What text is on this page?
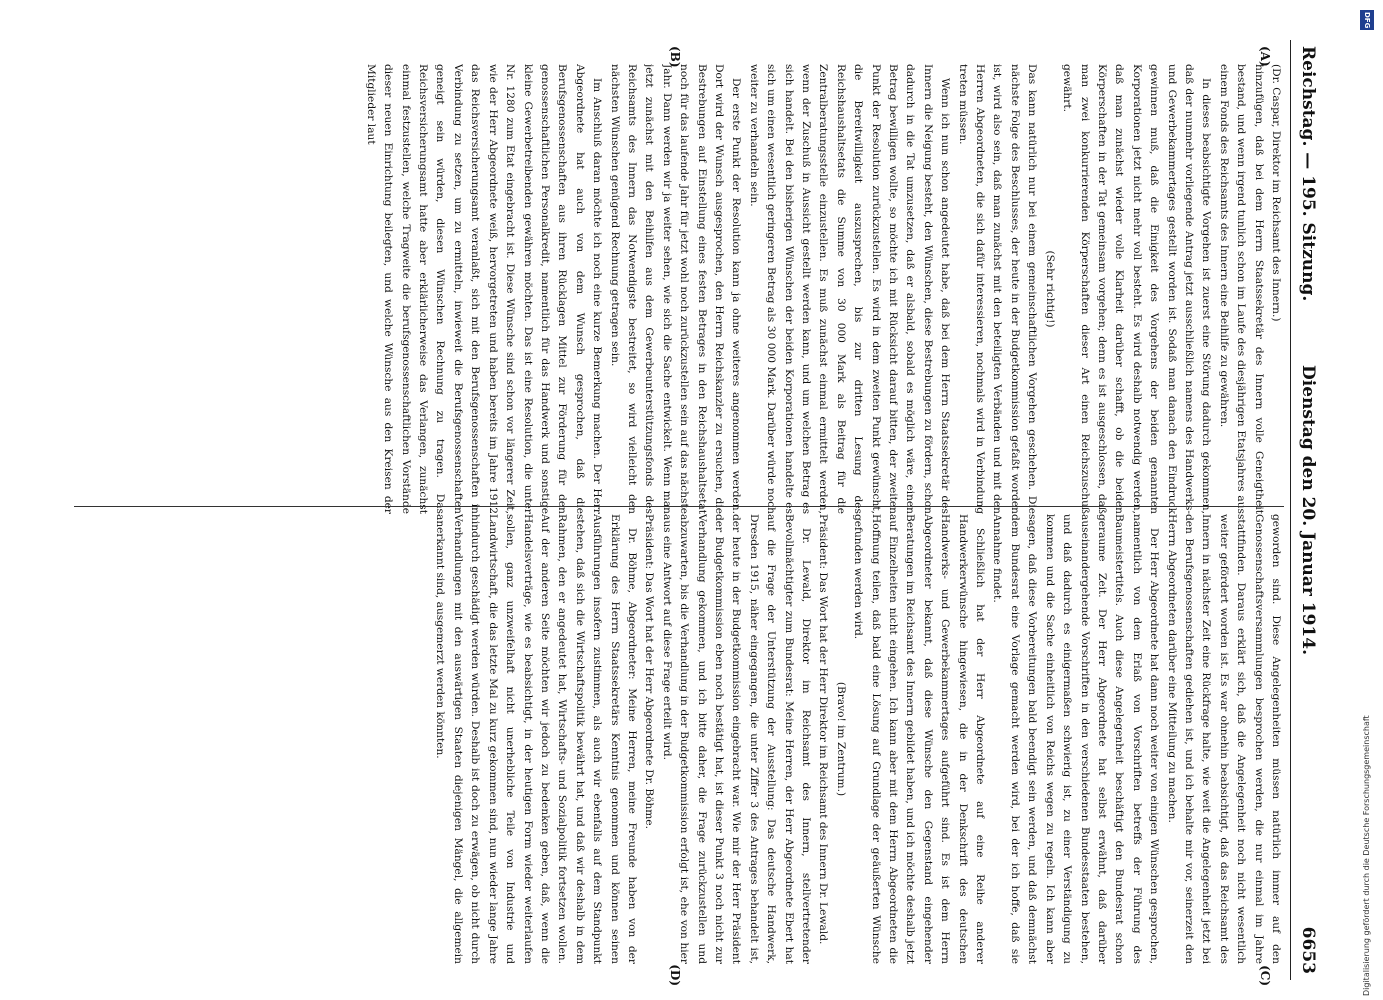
Reichstag. — 195. Sitzung.
Dienstag den 20. Januar 1914.
6653
(A)
(B)
(C)
(D)

(Dr. Caspar, Direktor im Reichsamt des Innern.)

hinzufügen, daß bei dem Herrn Staatssekretär des Innern volle Geneigtheit bestand, und wenn irgend tunlich schon im Laufe des diesjährigen Etatsjahres aus einem Fonds des Reichsamts des Innern eine Beihilfe zu gewähren.

In dieses beabsichtigte Vorgehen ist zuerst eine Störung dadurch gekommen, daß der nunmehr vorliegende Antrag jetzt ausschließlich namens des Handwerks- und Gewerbekammertages gestellt worden ist. Sodaß man danach den Eindruck gewinnen muß, daß die Einigkeit des Vorgehens der beiden genannten Korporationen jetzt nicht mehr voll besteht. Es wird deshalb notwendig werden, daß man zunächst wieder volle Klarheit darüber schafft, ob die beiden Körperschaften in der Tat gemeinsam vorgehen; denn es ist ausgeschlossen, daß man zwei konkurrierenden Körperschaften dieser Art einen Reichszuschuß gewährt.

(Sehr richtig!)

Das kann natürlich nur bei einem gemeinschaftlichen Vorgehen geschehen. Die nächste Folge des Beschlusses, der heute in der Budgetkommission gefaßt worden ist, wird also sein, daß man zunächst mit den beteiligten Verbänden und mit den Herren Abgeordneten, die sich dafür interessieren, nochmals wird in Verbindung treten müssen.

Wenn ich nun schon angedeutet habe, daß bei dem Herrn Staatssekretär des Innern die Neigung besteht, den Wünschen, diese Bestrebungen zu fördern, schon dadurch in die Tat umzusetzen, daß er alsbald, sobald es möglich wäre, einen Betrag bewilligen wollte, so möchte ich mit Rücksicht darauf bitten, der zweiten Punkt der Resolution zurückzustellen. Es wird in dem zweiten Punkt gewünscht, die Bereitwilligkeit auszusprechen, bis zur dritten Lesung des Reichshaushaltsetats die Summe von 30 000 Mark als Beitrag für die Zentralberatungsstelle einzustellen. Es muß zunächst einmal ermittelt werden, wenn der Zuschuß in Aussicht gestellt werden kann, und um welchen Betrag es sich handelt. Bei den bisherigen Wünschen der beiden Korporationen handelte es sich um einen wesentlich geringeren Betrag als 30 000 Mark. Darüber würde noch weiter zu verhandeln sein.

Der erste Punkt der Resolution kann ja ohne weiteres angenommen werden. Dort wird der Wunsch ausgesprochen, den Herrn Reichskanzler zu ersuchen, die Bestrebungen auf Einstellung eines festen Betrages in den Reichshaushaltsetat noch für das laufende Jahr für jetzt wohl noch zurückzustellen sein auf das nächste Jahr. Dann werden wir ja weiter sehen, wie sich die Sache entwickelt. Wenn man jetzt zunächst mit den Beihilfen aus dem Gewerbeunterstützungsfonds des Reichsamts des Innern das Notwendigste bestreitet, so wird vielleicht den nächsten Wünschen genügend Rechnung getragen sein.

Im Anschluß daran möchte ich noch eine kurze Bemerkung machen. Der Herr Abgeordnete hat auch von dem Wunsch gesprochen, daß die Berufsgenossenschaften aus ihren Rücklagen Mittel zur Förderung für den genossenschaftlichen Personalkredit, namentlich für das Handwerk und sonstige kleine Gewerbetreibenden gewähren möchten. Das ist eine Resolution, die unter Nr. 1280 zum Etat eingebracht ist. Diese Wünsche sind schon vor längerer Zeit, wie der Herr Abgeordnete weiß, hervorgetreten und haben bereits im Jahre 1912 das Reichsversicherungsamt veranlaßt, sich mit den Berufsgenossenschaften in Verbindung zu setzen, um zu ermitteln, inwieweit die Berufsgenossenschaften geneigt sein würden, diesen Wünschen Rechnung zu tragen. Das Reichsversicherungsamt hatte aber erklärlicherweise das Verlangen, zunächst einmal festzustellen, welche Tragweite die berufsgenossenschaftlichen Vorstände dieser neuen Einrichtung beilegten, und welche Wünsche aus den Kreisen der Mitglieder laut

geworden sind. Diese Angelegenheiten müssen natürlich immer auf den Genossenschaftsversammlungen besprochen werden, die nur einmal im Jahre stattfinden. Daraus erklärt sich, daß die Angelegenheit noch nicht wesentlich weiter gefördert worden ist. Es war ohnehin beabsichtigt, daß das Reichsamt des Innern in nächster Zeit eine Rückfrage halte, wie weit die Angelegenheit jetzt bei den Berufsgenossenschaften gediehen ist, und ich behalte mir vor, seinerzeit den Herrn Abgeordneten darüber eine Mitteilung zu machen.

Der Herr Abgeordnete hat dann noch weiter von einigen Wünschen gesprochen, namentlich von dem Erlaß von Vorschriften betreffs der Führung des Baumeistertitels. Auch diese Angelegenheit beschäftigt den Bundesrat schon geraume Zeit. Der Herr Abgeordnete hat selbst erwähnt, daß darüber auseinandergehende Vorschriften in den verschiedenen Bundesstaaten bestehen, und daß dadurch es einigermaßen schwierig ist, zu einer Verständigung zu kommen und die Sache einheitlich von Reichs wegen zu regeln. Ich kann aber sagen, daß diese Vorbereitungen bald beendigt sein werden, und daß demnächst dem Bundesrat eine Vorlage gemacht werden wird, bei der ich hoffe, daß sie Annahme findet.

Schließlich hat der Herr Abgeordnete auf eine Reihe anderer Handwerkerwünsche hingewiesen, die in der Denkschrift des deutschen Handwerks- und Gewerbekammertages aufgeführt sind. Es ist dem Herrn Abgeordneter bekannt, daß diese Wünsche den Gegenstand eingehender Beratungen im Reichsamt des Innern gebildet haben, und ich möchte deshalb jetzt auf Einzelheiten nicht eingehen. Ich kann aber mit dem Herrn Abgeordneten die Hoffnung teilen, daß bald eine Lösung auf Grundlage der geäußerten Wünsche gefunden werden wird.

(Bravo! im Zentrum.)

Präsident: Das Wort hat der Herr Direktor im Reichsamt des Innern Dr. Lewald.

Dr. Lewald, Direktor im Reichsamt des Innern, stellvertretender Bevollmächtigter zum Bundesrat: Meine Herren, der Herr Abgeordnete Ebert hat auf die Frage der Unterstützung der Ausstellung: Das deutsche Handwerk, Dresden 1915, näher eingegangen, die unter Ziffer 3 des Antrages behandelt ist, der heute in der Budgetkommission eingebracht war. Wie mir der Herr Präsident der Budgetkommission eben noch bestätigt hat, ist dieser Punkt 3 noch nicht zur Verhandlung gekommen, und ich bitte daher, die Frage zurückzustellen und abzuwarten, bis die Verhandlung in der Budgetkommission erfolgt ist, ehe von hier aus eine Antwort auf diese Frage erteilt wird.

Präsident: Das Wort hat der Herr Abgeordnete Dr. Böhme.

Dr. Böhme, Abgeordneter: Meine Herren, meine Freunde haben von der Erklärung des Herrn Staatssekretärs Kenntnis genommen und können seinen Ausführungen insofern zustimmen, als auch wir ebenfalls auf dem Standpunkt stehen, daß sich die Wirtschaftspolitik bewährt hat, und daß wir deshalb in dem Rahmen, den er angedeutet hat, Wirtschafts- und Sozialpolitik fortsetzen wollen. Auf der anderen Seite möchten wir jedoch zu bedenken geben, daß, wenn die Handelsverträge, wie es beabsichtigt, in der heutigen Form wieder weiterlaufen sollen, ganz unzweifelhaft nicht unerhebliche Teile von Industrie und Landwirtschaft, die das letzte Mal zu kurz gekommen sind, nun wieder lange Jahre hindurch geschädigt werden würden. Deshalb ist doch zu erwägen, ob nicht durch Verhandlungen mit den auswärtigen Staaten diejenigen Mängel, die allgemein anerkannt sind, ausgemerzt werden könnten.

DFG
Digitalisierung gefördert durch die Deutsche Forschungsgemeinschaft
